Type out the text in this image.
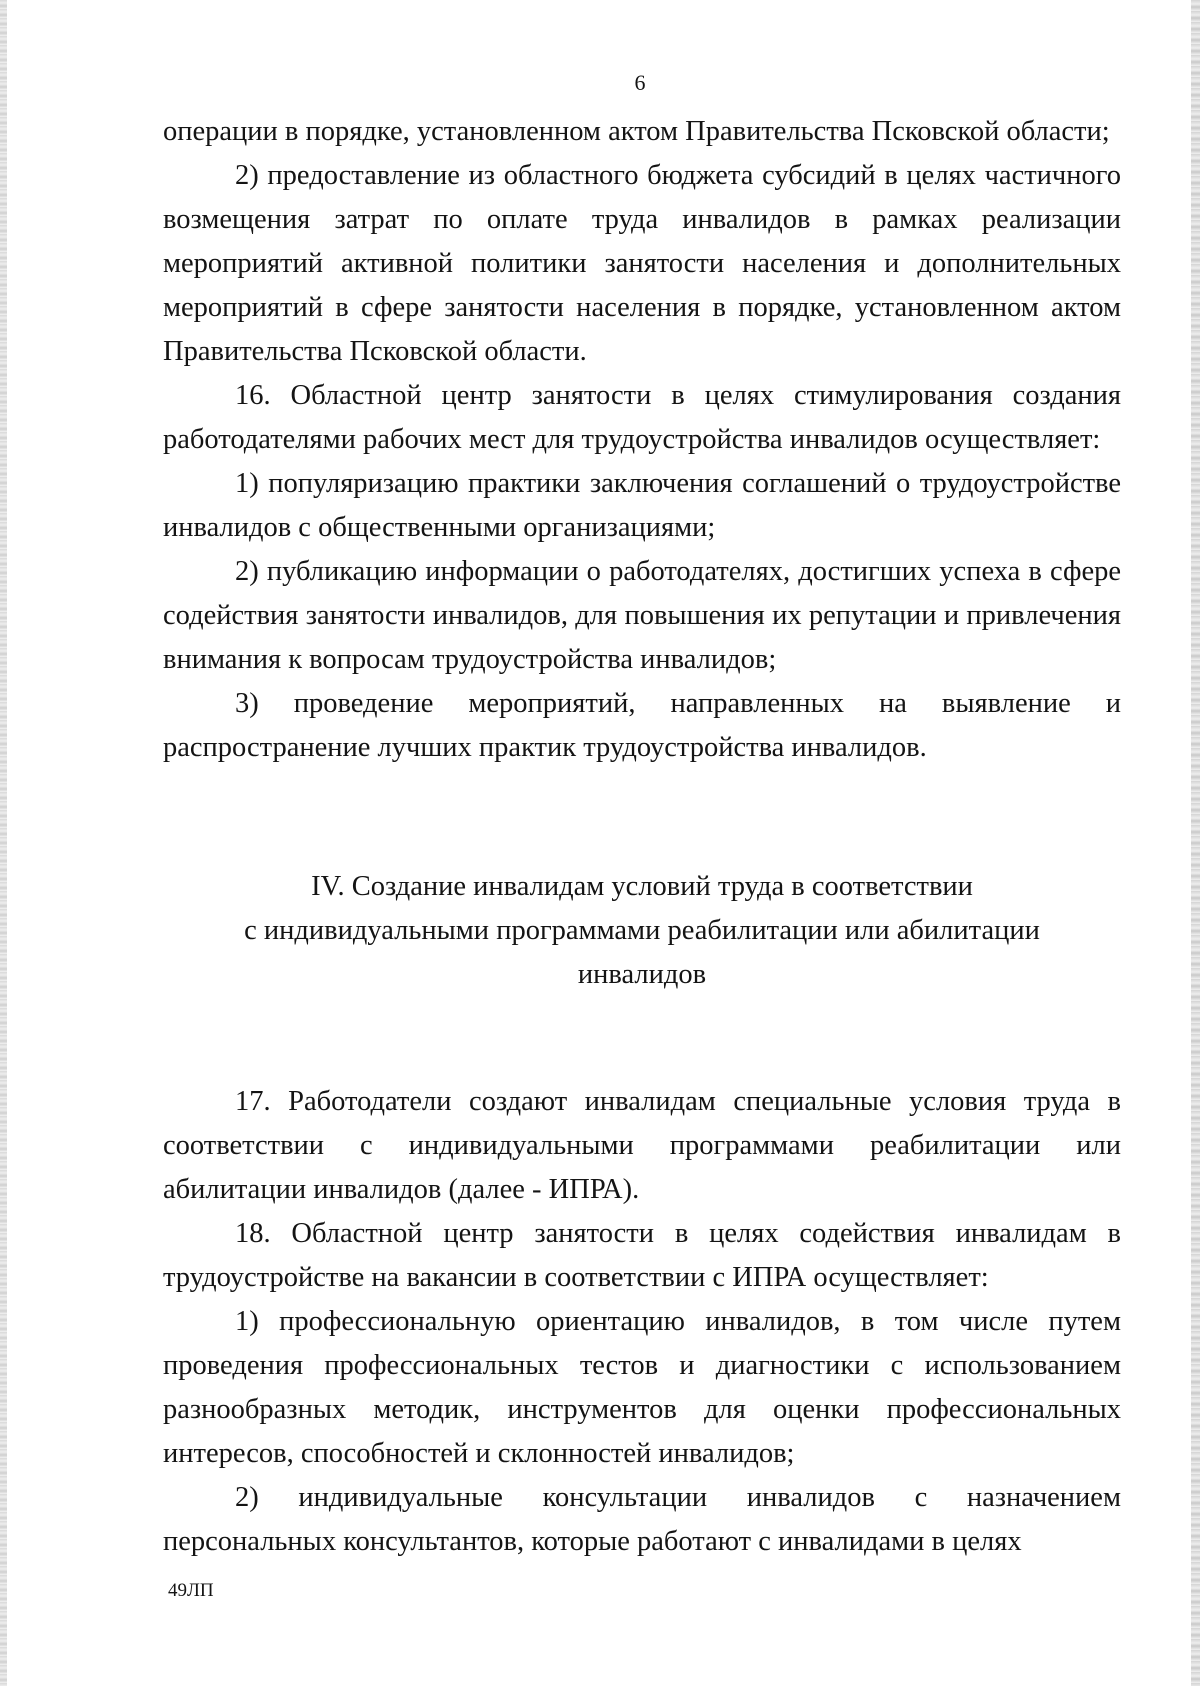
6

операции в порядке, установленном актом Правительства Псковской области;

2) предоставление из областного бюджета субсидий в целях частичного возмещения затрат по оплате труда инвалидов в рамках реализации мероприятий активной политики занятости населения и дополнительных мероприятий в сфере занятости населения в порядке, установленном актом Правительства Псковской области.

16. Областной центр занятости в целях стимулирования создания работодателями рабочих мест для трудоустройства инвалидов осуществляет:

1) популяризацию практики заключения соглашений о трудоустройстве инвалидов с общественными организациями;

2) публикацию информации о работодателях, достигших успеха в сфере содействия занятости инвалидов, для повышения их репутации и привлечения внимания к вопросам трудоустройства инвалидов;

3) проведение мероприятий, направленных на выявление и распространение лучших практик трудоустройства инвалидов.

IV. Создание инвалидам условий труда в соответствии
с индивидуальными программами реабилитации или абилитации
инвалидов

17. Работодатели создают инвалидам специальные условия труда в соответствии с индивидуальными программами реабилитации или абилитации инвалидов (далее - ИПРА).

18. Областной центр занятости в целях содействия инвалидам в трудоустройстве на вакансии в соответствии с ИПРА осуществляет:

1) профессиональную ориентацию инвалидов, в том числе путем проведения профессиональных тестов и диагностики с использованием разнообразных методик, инструментов для оценки профессиональных интересов, способностей и склонностей инвалидов;

2) индивидуальные консультации инвалидов с назначением персональных консультантов, которые работают с инвалидами в целях

49ЛП
